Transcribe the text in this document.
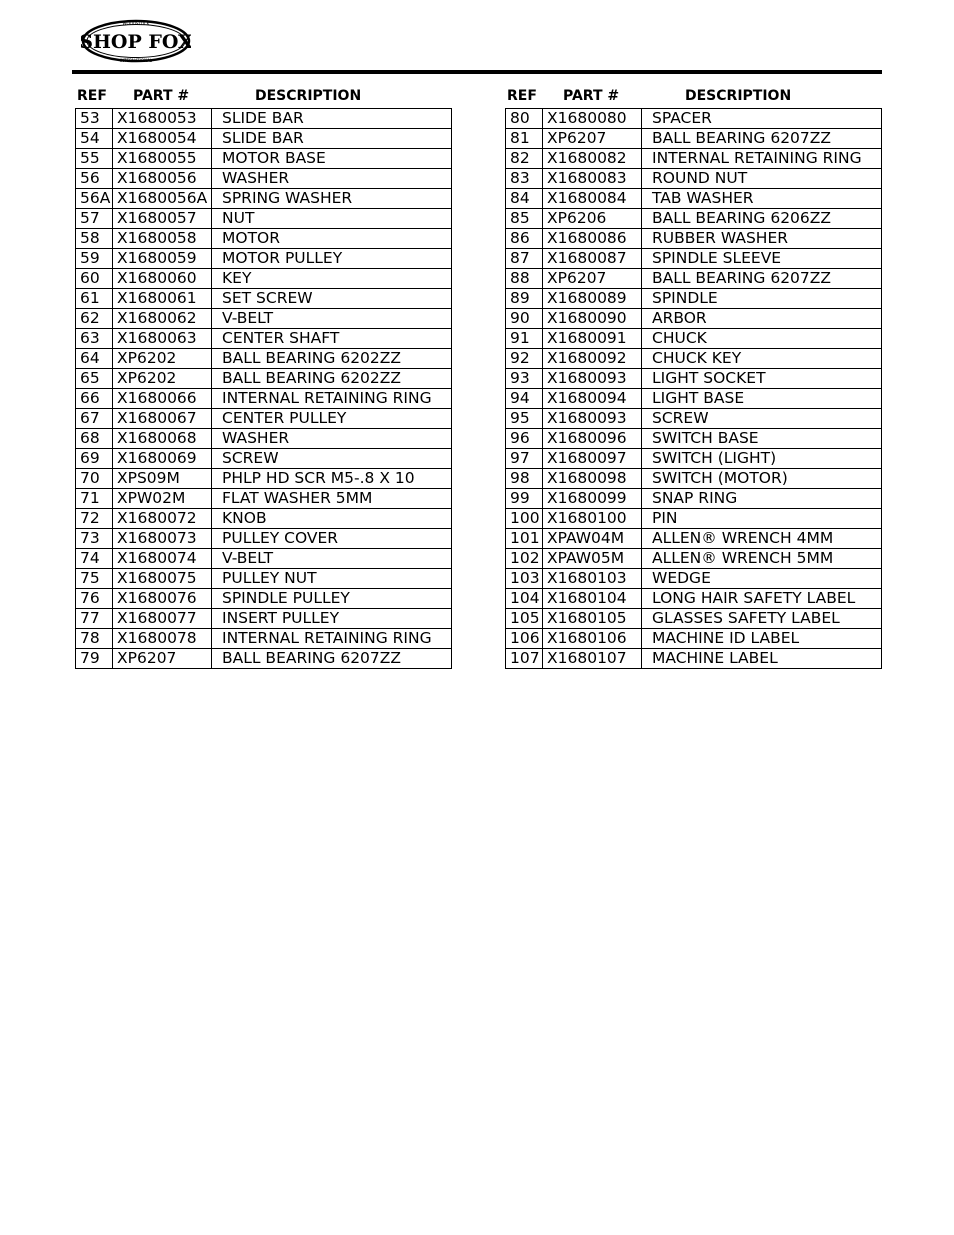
SHOP FOX
WOODSTOCK
INTERNATIONAL
REF PART #	DESCRIPTION
53	X1680053	SLIDE BAR
54	X1680054	SLIDE BAR
55	X1680055	MOTOR BASE
56	X1680056	WASHER
56A	X1680056A	SPRING WASHER
57	X1680057	NUT
58	X1680058	MOTOR
59	X1680059	MOTOR PULLEY
60	X1680060	KEY
61	X1680061	SET SCREW
62	X1680062	V-BELT
63	X1680063	CENTER SHAFT
64	XP6202	BALL BEARING 6202ZZ
65	XP6202	BALL BEARING 6202ZZ
66	X1680066	INTERNAL RETAINING RING
67	X1680067	CENTER PULLEY
68	X1680068	WASHER
69	X1680069	SCREW
70	XPS09M	PHLP HD SCR M5-.8 X 10
71	XPW02M	FLAT WASHER 5MM
72	X1680072	KNOB
73	X1680073	PULLEY COVER
74	X1680074	V-BELT
75	X1680075	PULLEY NUT
76	X1680076	SPINDLE PULLEY
77	X1680077	INSERT PULLEY
78	X1680078	INTERNAL RETAINING RING
79	XP6207	BALL BEARING 6207ZZ
REF PART #	DESCRIPTION
80	X1680080	SPACER
81	XP6207	BALL BEARING 6207ZZ
82	X1680082	INTERNAL RETAINING RING
83	X1680083	ROUND NUT
84	X1680084	TAB WASHER
85	XP6206	BALL BEARING 6206ZZ
86	X1680086	RUBBER WASHER
87	X1680087	SPINDLE SLEEVE
88	XP6207	BALL BEARING 6207ZZ
89	X1680089	SPINDLE
90	X1680090	ARBOR
91	X1680091	CHUCK
92	X1680092	CHUCK KEY
93	X1680093	LIGHT SOCKET
94	X1680094	LIGHT BASE
95	X1680093	SCREW
96	X1680096	SWITCH BASE
97	X1680097	SWITCH (LIGHT)
98	X1680098	SWITCH (MOTOR)
99	X1680099	SNAP RING
100	X1680100	PIN
101	XPAW04M	ALLEN® WRENCH 4MM
102	XPAW05M	ALLEN® WRENCH 5MM
103	X1680103	WEDGE
104	X1680104	LONG HAIR SAFETY LABEL
105	X1680105	GLASSES SAFETY LABEL
106	X1680106	MACHINE ID LABEL
107	X1680107	MACHINE LABEL
